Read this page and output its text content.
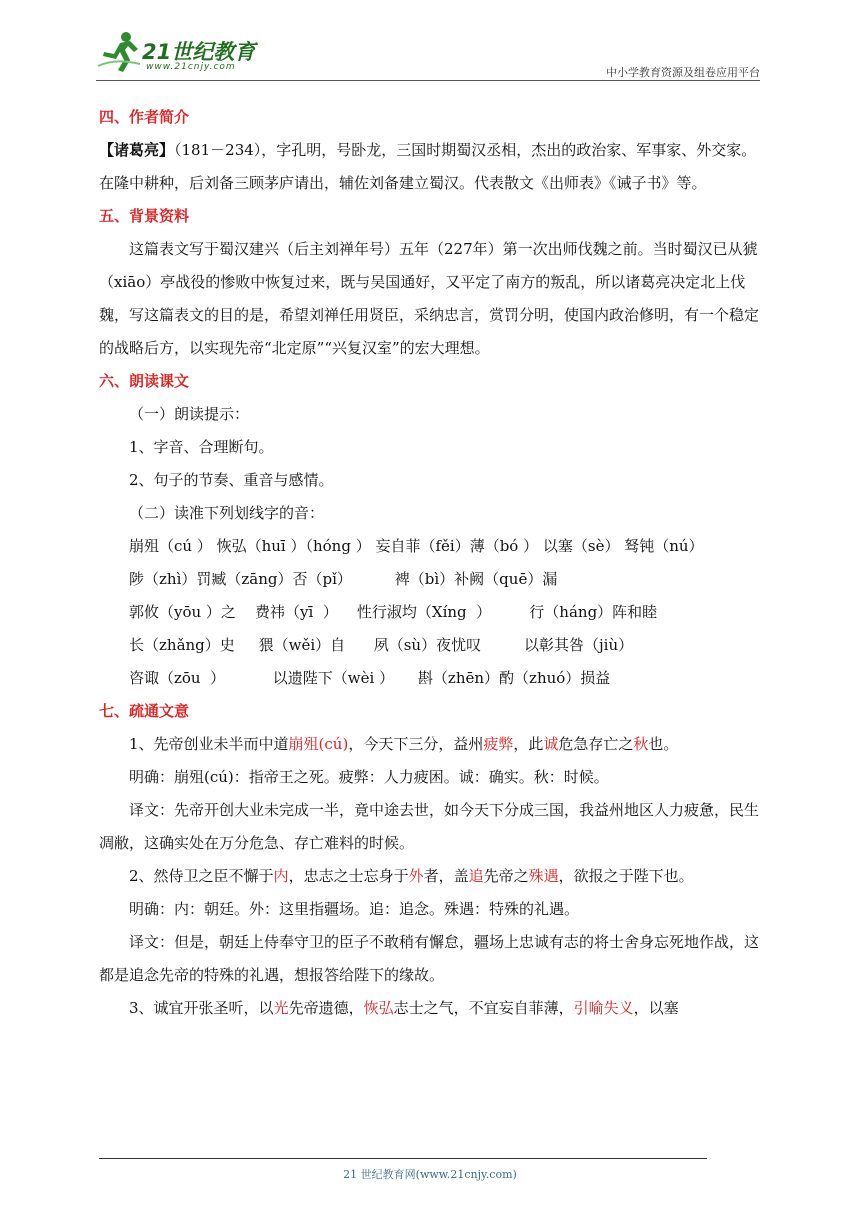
21世纪教育
www.21cnjy.com	中小学教育资源及组卷应用平台

四、作者简介

【诸葛亮】（181－234），字孔明，号卧龙，三国时期蜀汉丞相，杰出的政治家、军事家、外交家。在隆中耕种，后刘备三顾茅庐请出，辅佐刘备建立蜀汉。代表散文《出师表》《诫子书》等。

五、背景资料

这篇表文写于蜀汉建兴（后主刘禅年号）五年（227年）第一次出师伐魏之前。当时蜀汉已从猇（xiāo）亭战役的惨败中恢复过来，既与吴国通好，又平定了南方的叛乱，所以诸葛亮决定北上伐魏，写这篇表文的目的是，希望刘禅任用贤臣，采纳忠言，赏罚分明，使国内政治修明，有一个稳定的战略后方，以实现先帝“北定原”“兴复汉室”的宏大理想。

六、朗读课文

（一）朗读提示：

1、字音、合理断句。

2、句子的节奏、重音与感情。

（二）读准下列划线字的音：

崩殂（cú ） 恢弘（huī ）（hóng ） 妄自菲（fěi）薄（bó ） 以塞（sè） 驽钝（nú）

陟（zhì）罚臧（zāng）否（pǐ）         裨（bì）补阙（quē）漏

郭攸（yōu ）之    费祎（yī  ）    性行淑均（Xíng  ）        行（háng）阵和睦

长（zhǎng）史     猥（wěi）自      夙（sù）夜忧叹         以彰其咎（jiù）

咨诹（zōu  ）          以遗陛下（wèi ）     斟（zhēn）酌（zhuó）损益

七、疏通文意

1、先帝创业未半而中道崩殂(cú)，今天下三分，益州疲弊，此诚危急存亡之秋也。

明确：崩殂(cú)：指帝王之死。疲弊：人力疲困。诚：确实。秋：时候。

译文：先帝开创大业未完成一半，竟中途去世，如今天下分成三国，我益州地区人力疲惫，民生凋敝，这确实处在万分危急、存亡难料的时候。

2、然侍卫之臣不懈于内，忠志之士忘身于外者，盖追先帝之殊遇，欲报之于陛下也。

明确：内：朝廷。外：这里指疆场。追：追念。殊遇：特殊的礼遇。

译文：但是，朝廷上侍奉守卫的臣子不敢稍有懈怠，疆场上忠诚有志的将士舍身忘死地作战，这都是追念先帝的特殊的礼遇，想报答给陛下的缘故。

3、诚宜开张圣听，以光先帝遗德，恢弘志士之气，不宜妄自菲薄，引喻失义，以塞

21 世纪教育网(www.21cnjy.com)
